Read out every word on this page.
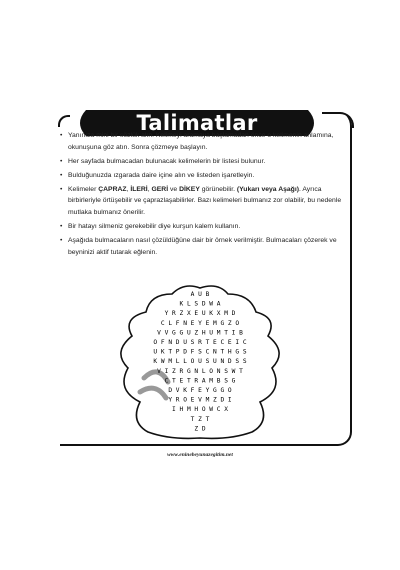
Talimatlar
• Yanınıza mini bir sözlük alın. Kelimeyi aramaya başlamadan önce o kelimenin anlamına, okunuşuna göz atın. Sonra çözmeye başlayın.
• Her sayfada bulmacadan bulunacak kelimelerin bir listesi bulunur.
• Bulduğunuzda ızgarada daire içine alın ve listeden işaretleyin.
• Kelimeler ÇAPRAZ, İLERİ, GERİ ve DİKEY görünebilir. (Yukarı veya Aşağı). Ayrıca birbirleriyle örtüşebilir ve çaprazlaşabilirler. Bazı kelimeleri bulmanız zor olabilir, bu nedenle mutlaka bulmanız önerilir.
• Bir hatayı silmeniz gerekebilir diye kurşun kalem kullanın.
• Aşağıda bulmacaların nasıl çözüldüğüne dair bir örnek verilmiştir. Bulmacaları çözerek ve beyninizi aktif tutarak eğlenin.
A U B
K L S D W A
Y R Z X E U K X M D
C L F N E Y E M G Z O
V V G G U Z H U M T I B
O F N D U S R T E C E I C
U K T P D F S C N T H G S
K W M L L O U S U N D S S
V I Z R G N L O N S W T
C T E T R A M B S G
D V K F E Y G G O
Y R O E V M Z D I
I H M H O W C X
T Z T
Z D
www.eninebeyunazegitim.net
